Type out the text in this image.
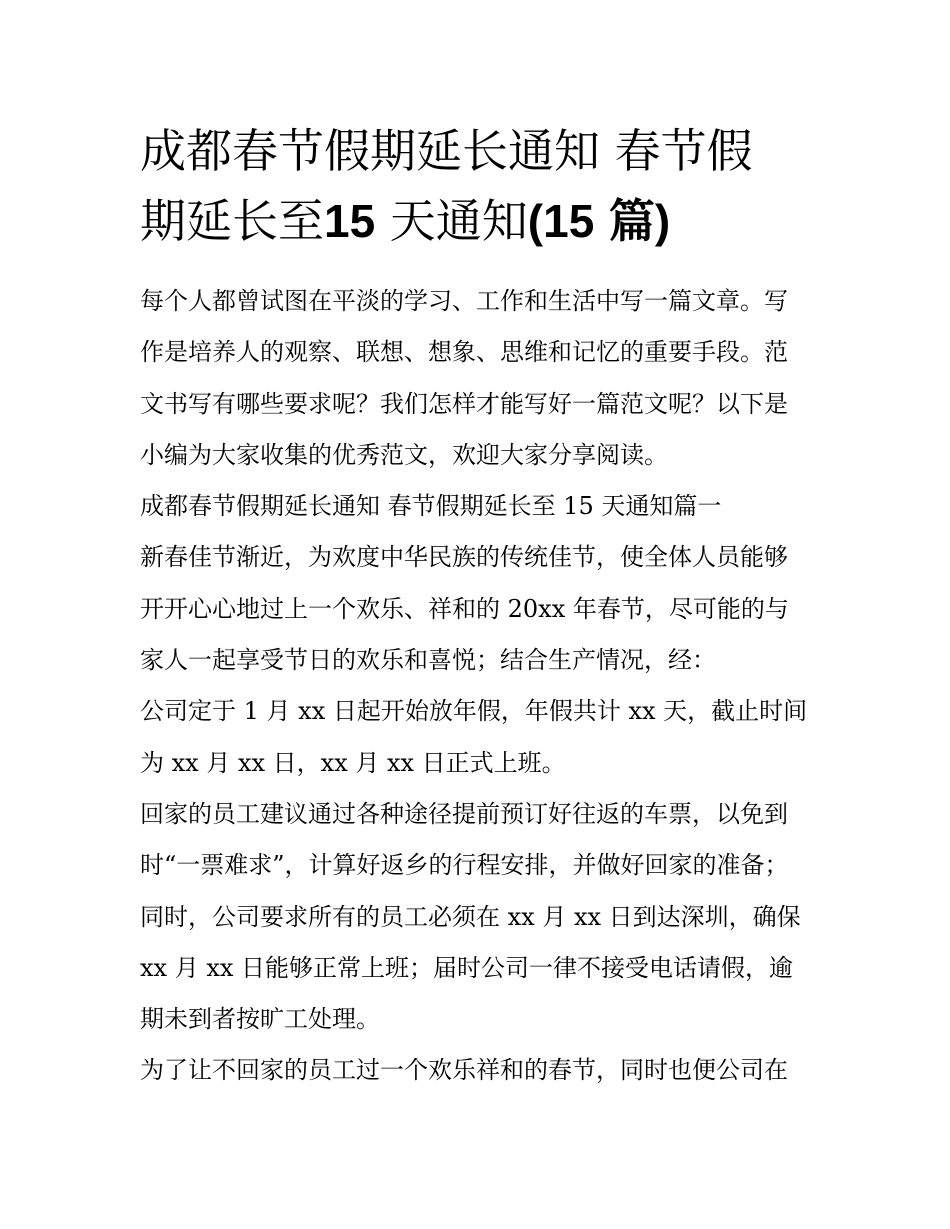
成都春节假期延长通知 春节假
期延长至15 天通知(15 篇)
每个人都曾试图在平淡的学习、工作和生活中写一篇文章。写
作是培养人的观察、联想、想象、思维和记忆的重要手段。范
文书写有哪些要求呢？我们怎样才能写好一篇范文呢？以下是
小编为大家收集的优秀范文，欢迎大家分享阅读。
成都春节假期延长通知 春节假期延长至 15 天通知篇一
新春佳节渐近，为欢度中华民族的传统佳节，使全体人员能够
开开心心地过上一个欢乐、祥和的 20xx 年春节，尽可能的与
家人一起享受节日的欢乐和喜悦；结合生产情况，经：
公司定于 1 月 xx 日起开始放年假，年假共计 xx 天，截止时间
为 xx 月 xx 日，xx 月 xx 日正式上班。
回家的员工建议通过各种途径提前预订好往返的车票，以免到
时“一票难求”，计算好返乡的行程安排，并做好回家的准备；
同时，公司要求所有的员工必须在 xx 月 xx 日到达深圳，确保
xx 月 xx 日能够正常上班；届时公司一律不接受电话请假，逾
期未到者按旷工处理。
为了让不回家的员工过一个欢乐祥和的春节，同时也便公司在
